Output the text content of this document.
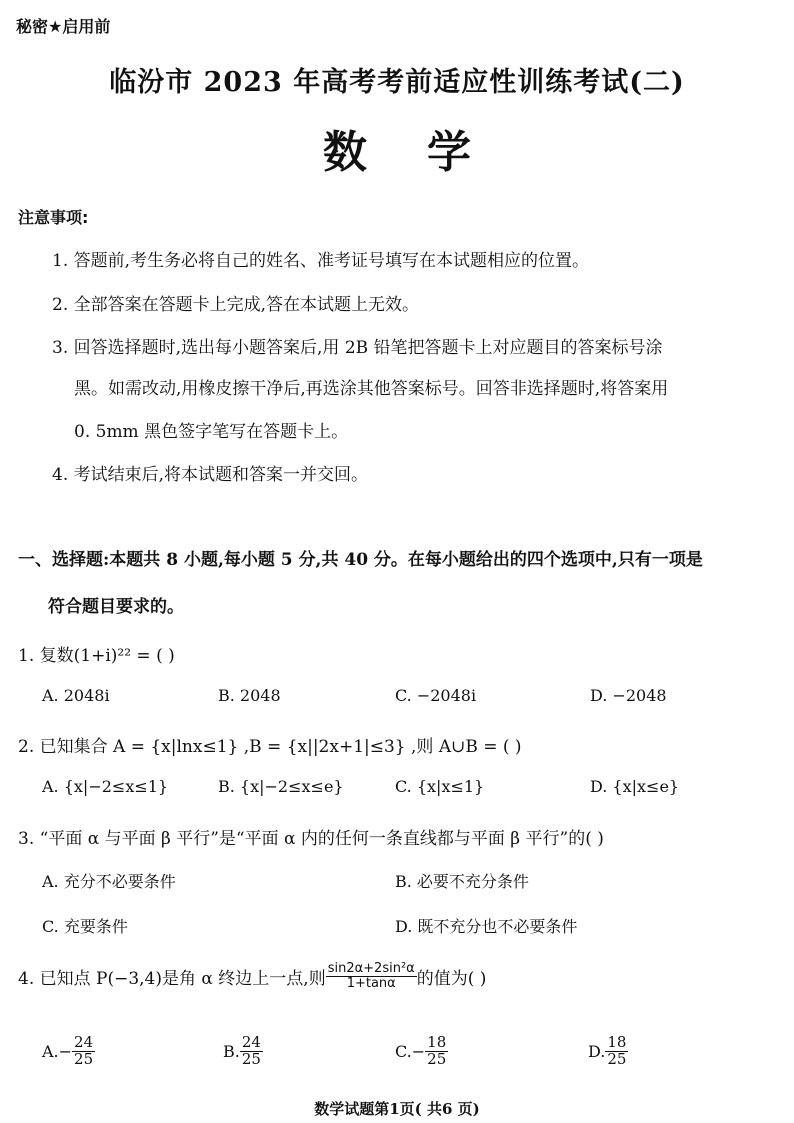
秘密★启用前
临汾市 2023 年高考考前适应性训练考试(二)
数学
注意事项:
1. 答题前,考生务必将自己的姓名、准考证号填写在本试题相应的位置。
2. 全部答案在答题卡上完成,答在本试题上无效。
3. 回答选择题时,选出每小题答案后,用 2B 铅笔把答题卡上对应题目的答案标号涂
黑。如需改动,用橡皮擦干净后,再选涂其他答案标号。回答非选择题时,将答案用
0. 5mm 黑色签字笔写在答题卡上。
4. 考试结束后,将本试题和答案一并交回。
一、选择题:本题共 8 小题,每小题 5 分,共 40 分。在每小题给出的四个选项中,只有一项是
符合题目要求的。
1. 复数(1+i)²² = ( )
A. 2048i	B. 2048	C. −2048i	D. −2048
2. 已知集合 A = {x|lnx≤1} ,B = {x||2x+1|≤3} ,则 A∪B = ( )
A. {x|−2≤x≤1}	B. {x|−2≤x≤e}	C. {x|x≤1}	D. {x|x≤e}
3. “平面 α 与平面 β 平行”是“平面 α 内的任何一条直线都与平面 β 平行”的( )
A. 充分不必要条件	B. 必要不充分条件
C. 充要条件	D. 既不充分也不必要条件
4. 已知点 P(−3,4)是角 α 终边上一点,则 $\frac{\text{sin2α+2sin²α}}{1+\tan\alpha}$ 的值为( )
A. − $\frac{24}{25}$	B. $\frac{24}{25}$	C. − $\frac{18}{25}$	D. $\frac{18}{25}$
数学试题第1页( 共6 页)
